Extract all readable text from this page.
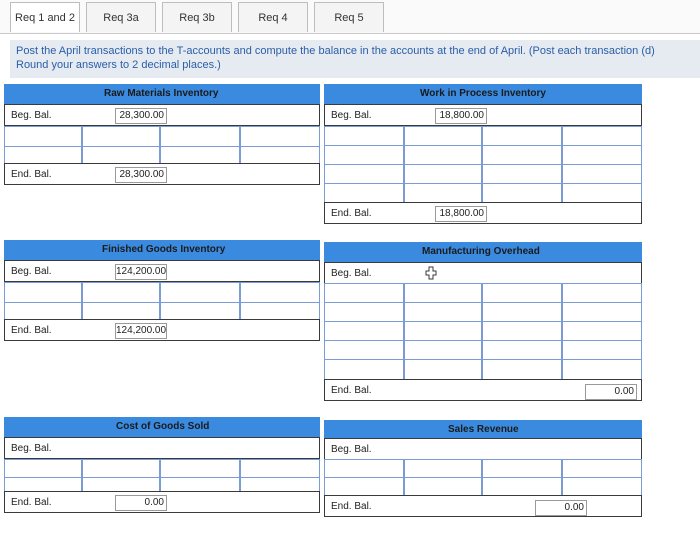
Req 1 and 2	Req 3a	Req 3b	Req 4	Req 5

Post the April transactions to the T-accounts and compute the balance in the accounts at the end of April. (Post each transaction (d)

Round your answers to 2 decimal places.)

Raw Materials Inventory
Beg. Bal.	28,300.00
End. Bal.	28,300.00
Finished Goods Inventory
Beg. Bal.	124,200.00
End. Bal.	124,200.00
Cost of Goods Sold
Beg. Bal.
End. Bal.	0.00
Work in Process Inventory
Beg. Bal.	18,800.00
End. Bal.	18,800.00
Manufacturing Overhead
Beg. Bal.
End. Bal.	0.00
Sales Revenue
Beg. Bal.
End. Bal.	0.00
